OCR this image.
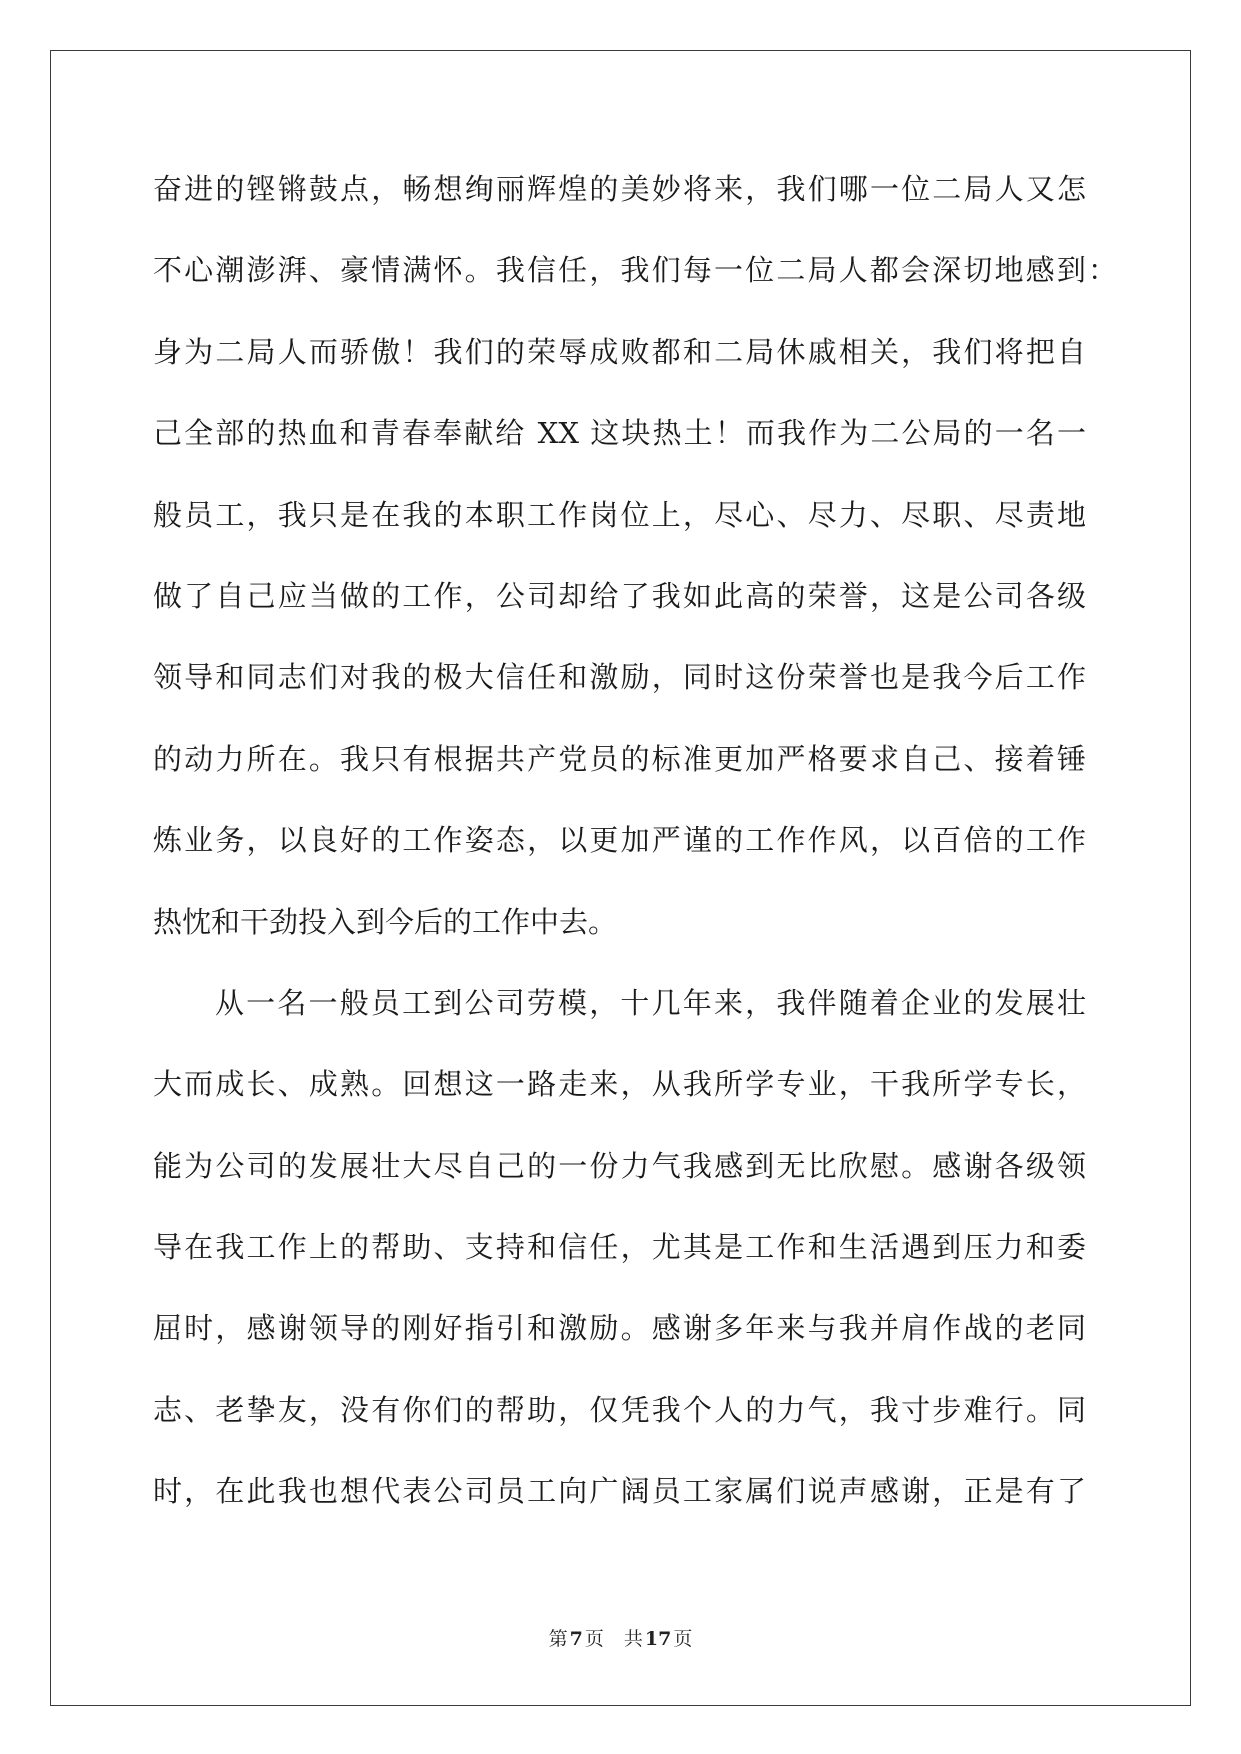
奋进的铿锵鼓点，畅想绚丽辉煌的美妙将来，我们哪一位二局人又怎
不心潮澎湃、豪情满怀。我信任，我们每一位二局人都会深切地感到：
身为二局人而骄傲！我们的荣辱成败都和二局休戚相关，我们将把自
己全部的热血和青春奉献给 XX 这块热土！而我作为二公局的一名一
般员工，我只是在我的本职工作岗位上，尽心、尽力、尽职、尽责地
做了自己应当做的工作，公司却给了我如此高的荣誉，这是公司各级
领导和同志们对我的极大信任和激励，同时这份荣誉也是我今后工作
的动力所在。我只有根据共产党员的标准更加严格要求自己、接着锤
炼业务，以良好的工作姿态，以更加严谨的工作作风，以百倍的工作
热忱和干劲投入到今后的工作中去。
从一名一般员工到公司劳模，十几年来，我伴随着企业的发展壮
大而成长、成熟。回想这一路走来，从我所学专业，干我所学专长，
能为公司的发展壮大尽自己的一份力气我感到无比欣慰。感谢各级领
导在我工作上的帮助、支持和信任，尤其是工作和生活遇到压力和委
屈时，感谢领导的刚好指引和激励。感谢多年来与我并肩作战的老同
志、老挚友，没有你们的帮助，仅凭我个人的力气，我寸步难行。同
时，在此我也想代表公司员工向广阔员工家属们说声感谢，正是有了
第 7 页 共 17 页
